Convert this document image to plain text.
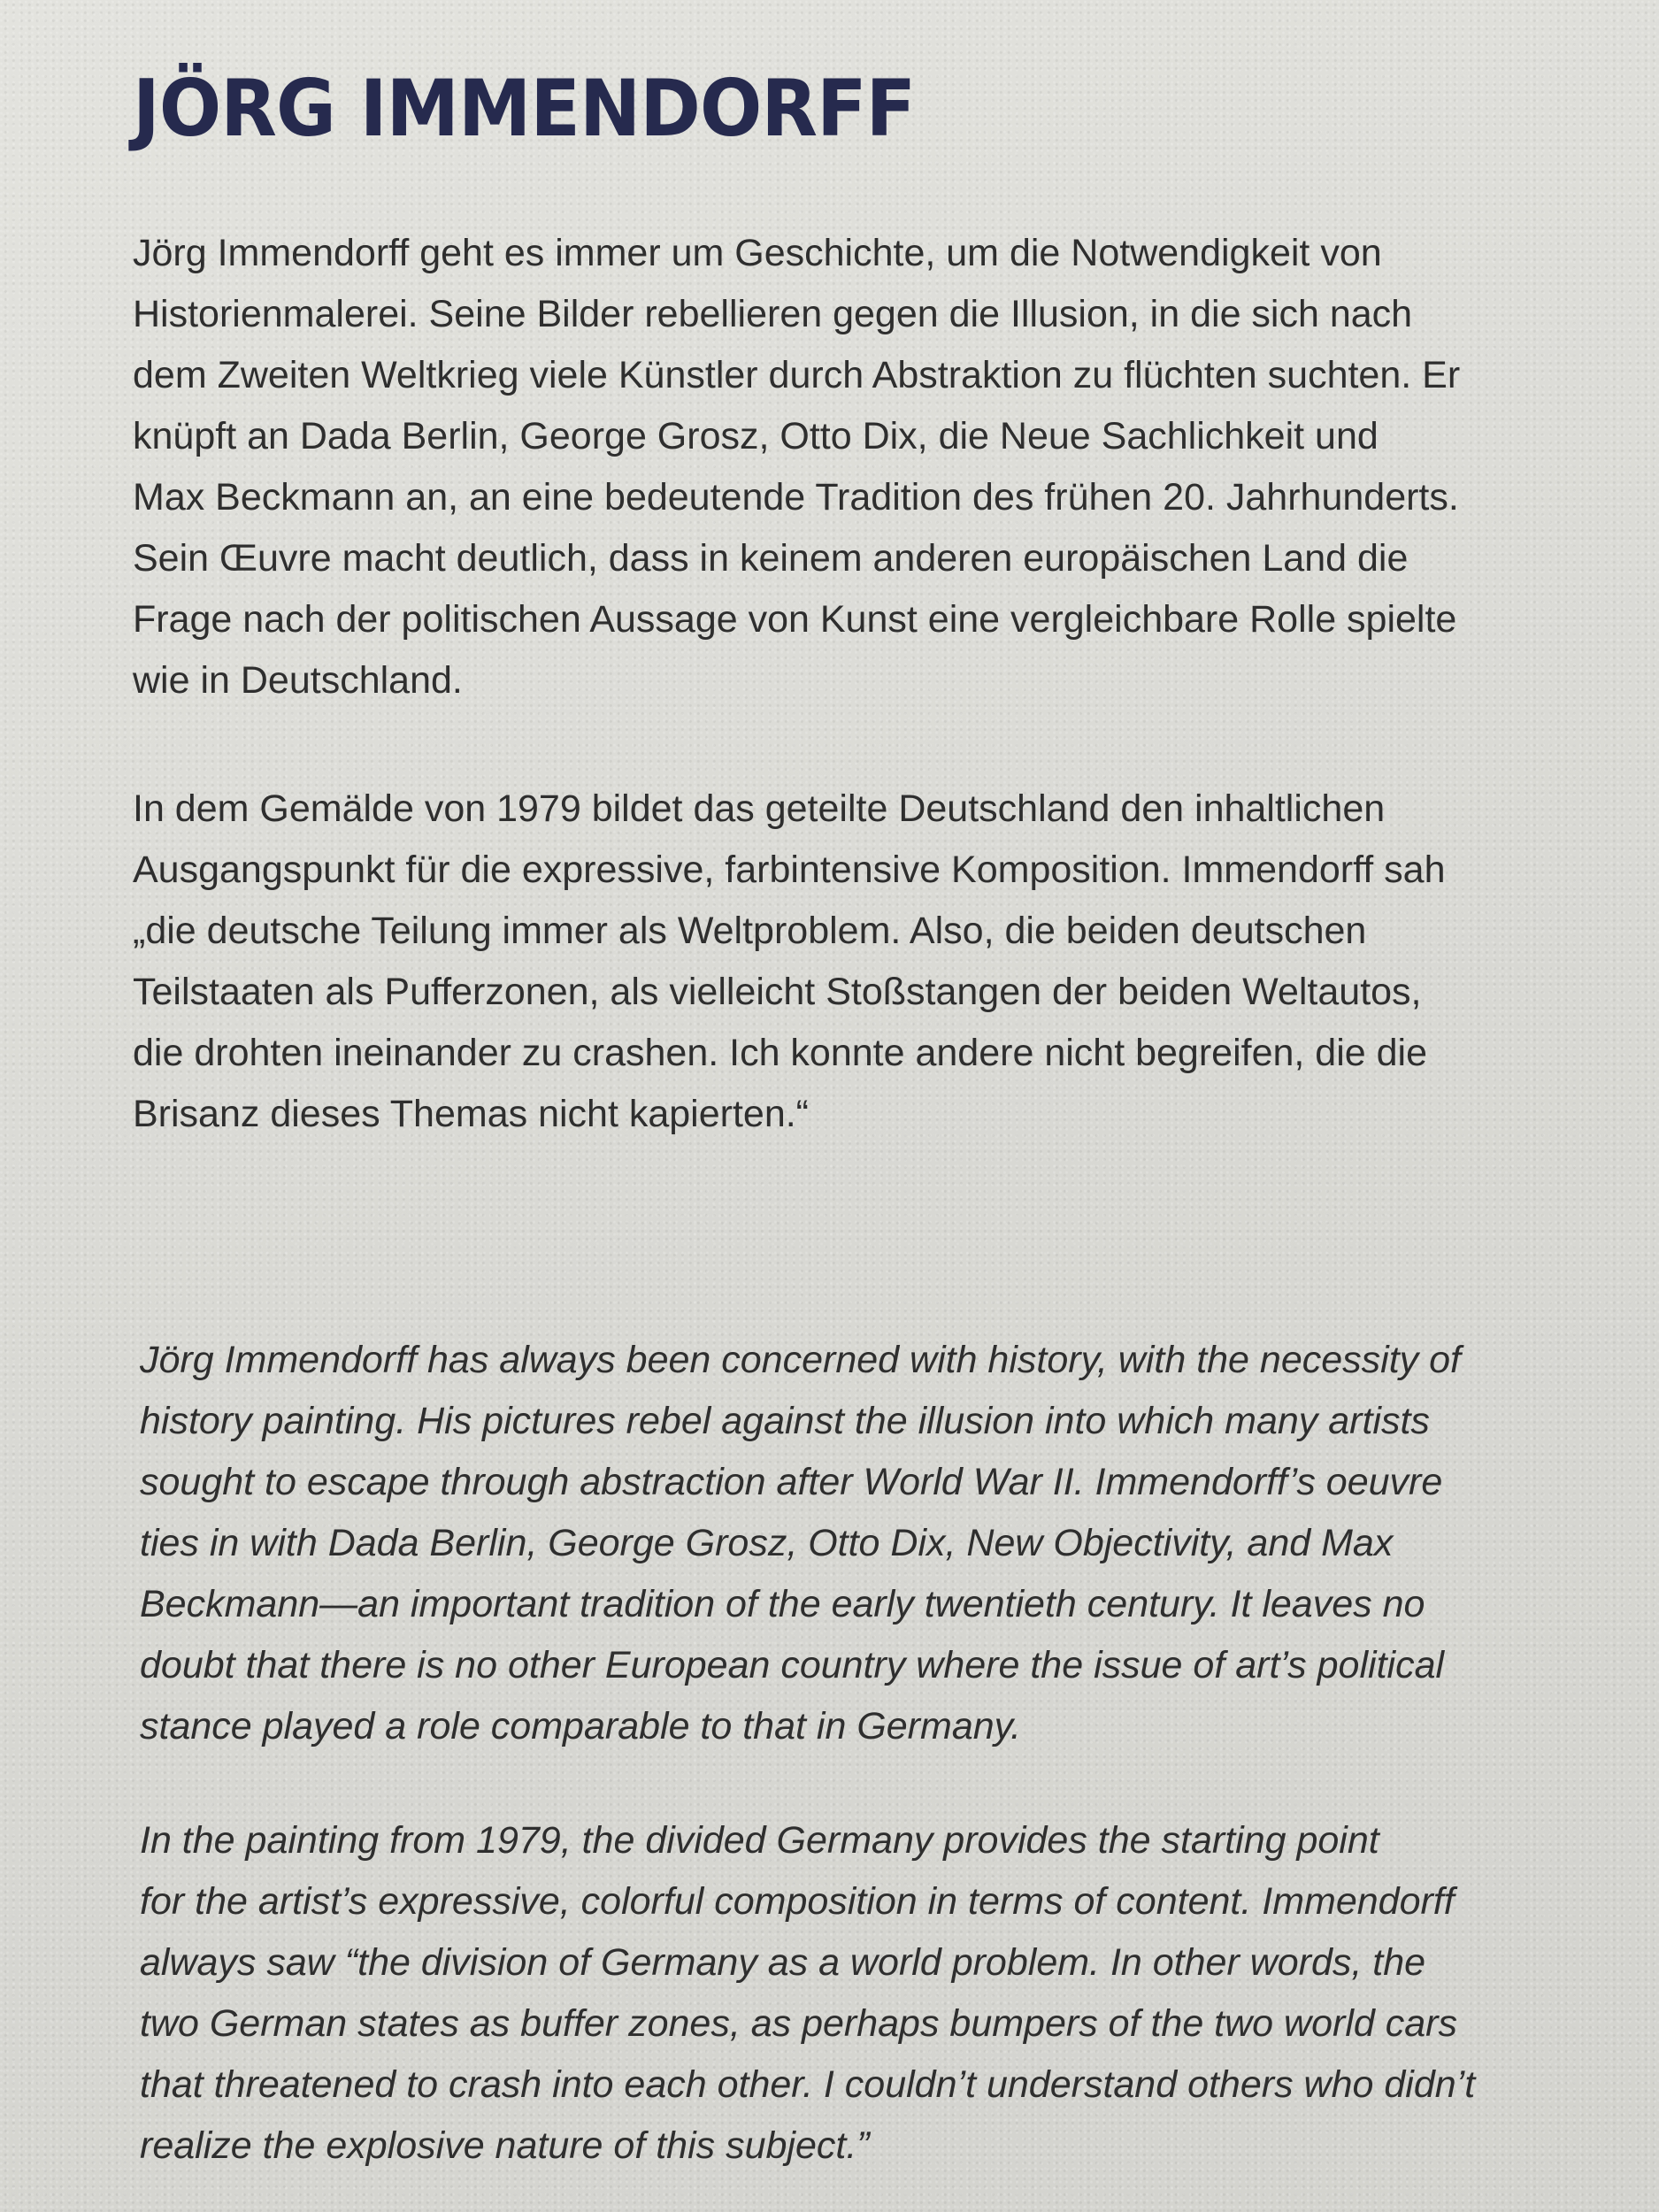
JÖRG IMMENDORFF

Jörg Immendorff geht es immer um Geschichte, um die Notwendigkeit von
Historienmalerei. Seine Bilder rebellieren gegen die Illusion, in die sich nach
dem Zweiten Weltkrieg viele Künstler durch Abstraktion zu flüchten suchten. Er
knüpft an Dada Berlin, George Grosz, Otto Dix, die Neue Sachlichkeit und
Max Beckmann an, an eine bedeutende Tradition des frühen 20. Jahrhunderts.
Sein Œuvre macht deutlich, dass in keinem anderen europäischen Land die
Frage nach der politischen Aussage von Kunst eine vergleichbare Rolle spielte
wie in Deutschland.

In dem Gemälde von 1979 bildet das geteilte Deutschland den inhaltlichen
Ausgangspunkt für die expressive, farbintensive Komposition. Immendorff sah
„die deutsche Teilung immer als Weltproblem. Also, die beiden deutschen
Teilstaaten als Pufferzonen, als vielleicht Stoßstangen der beiden Weltautos,
die drohten ineinander zu crashen. Ich konnte andere nicht begreifen, die die
Brisanz dieses Themas nicht kapierten.“

Jörg Immendorff has always been concerned with history, with the necessity of
history painting. His pictures rebel against the illusion into which many artists
sought to escape through abstraction after World War II. Immendorff’s oeuvre
ties in with Dada Berlin, George Grosz, Otto Dix, New Objectivity, and Max
Beckmann—an important tradition of the early twentieth century. It leaves no
doubt that there is no other European country where the issue of art’s political
stance played a role comparable to that in Germany.

In the painting from 1979, the divided Germany provides the starting point
for the artist’s expressive, colorful composition in terms of content. Immendorff
always saw “the division of Germany as a world problem. In other words, the
two German states as buffer zones, as perhaps bumpers of the two world cars
that threatened to crash into each other. I couldn’t understand others who didn’t
realize the explosive nature of this subject.”
